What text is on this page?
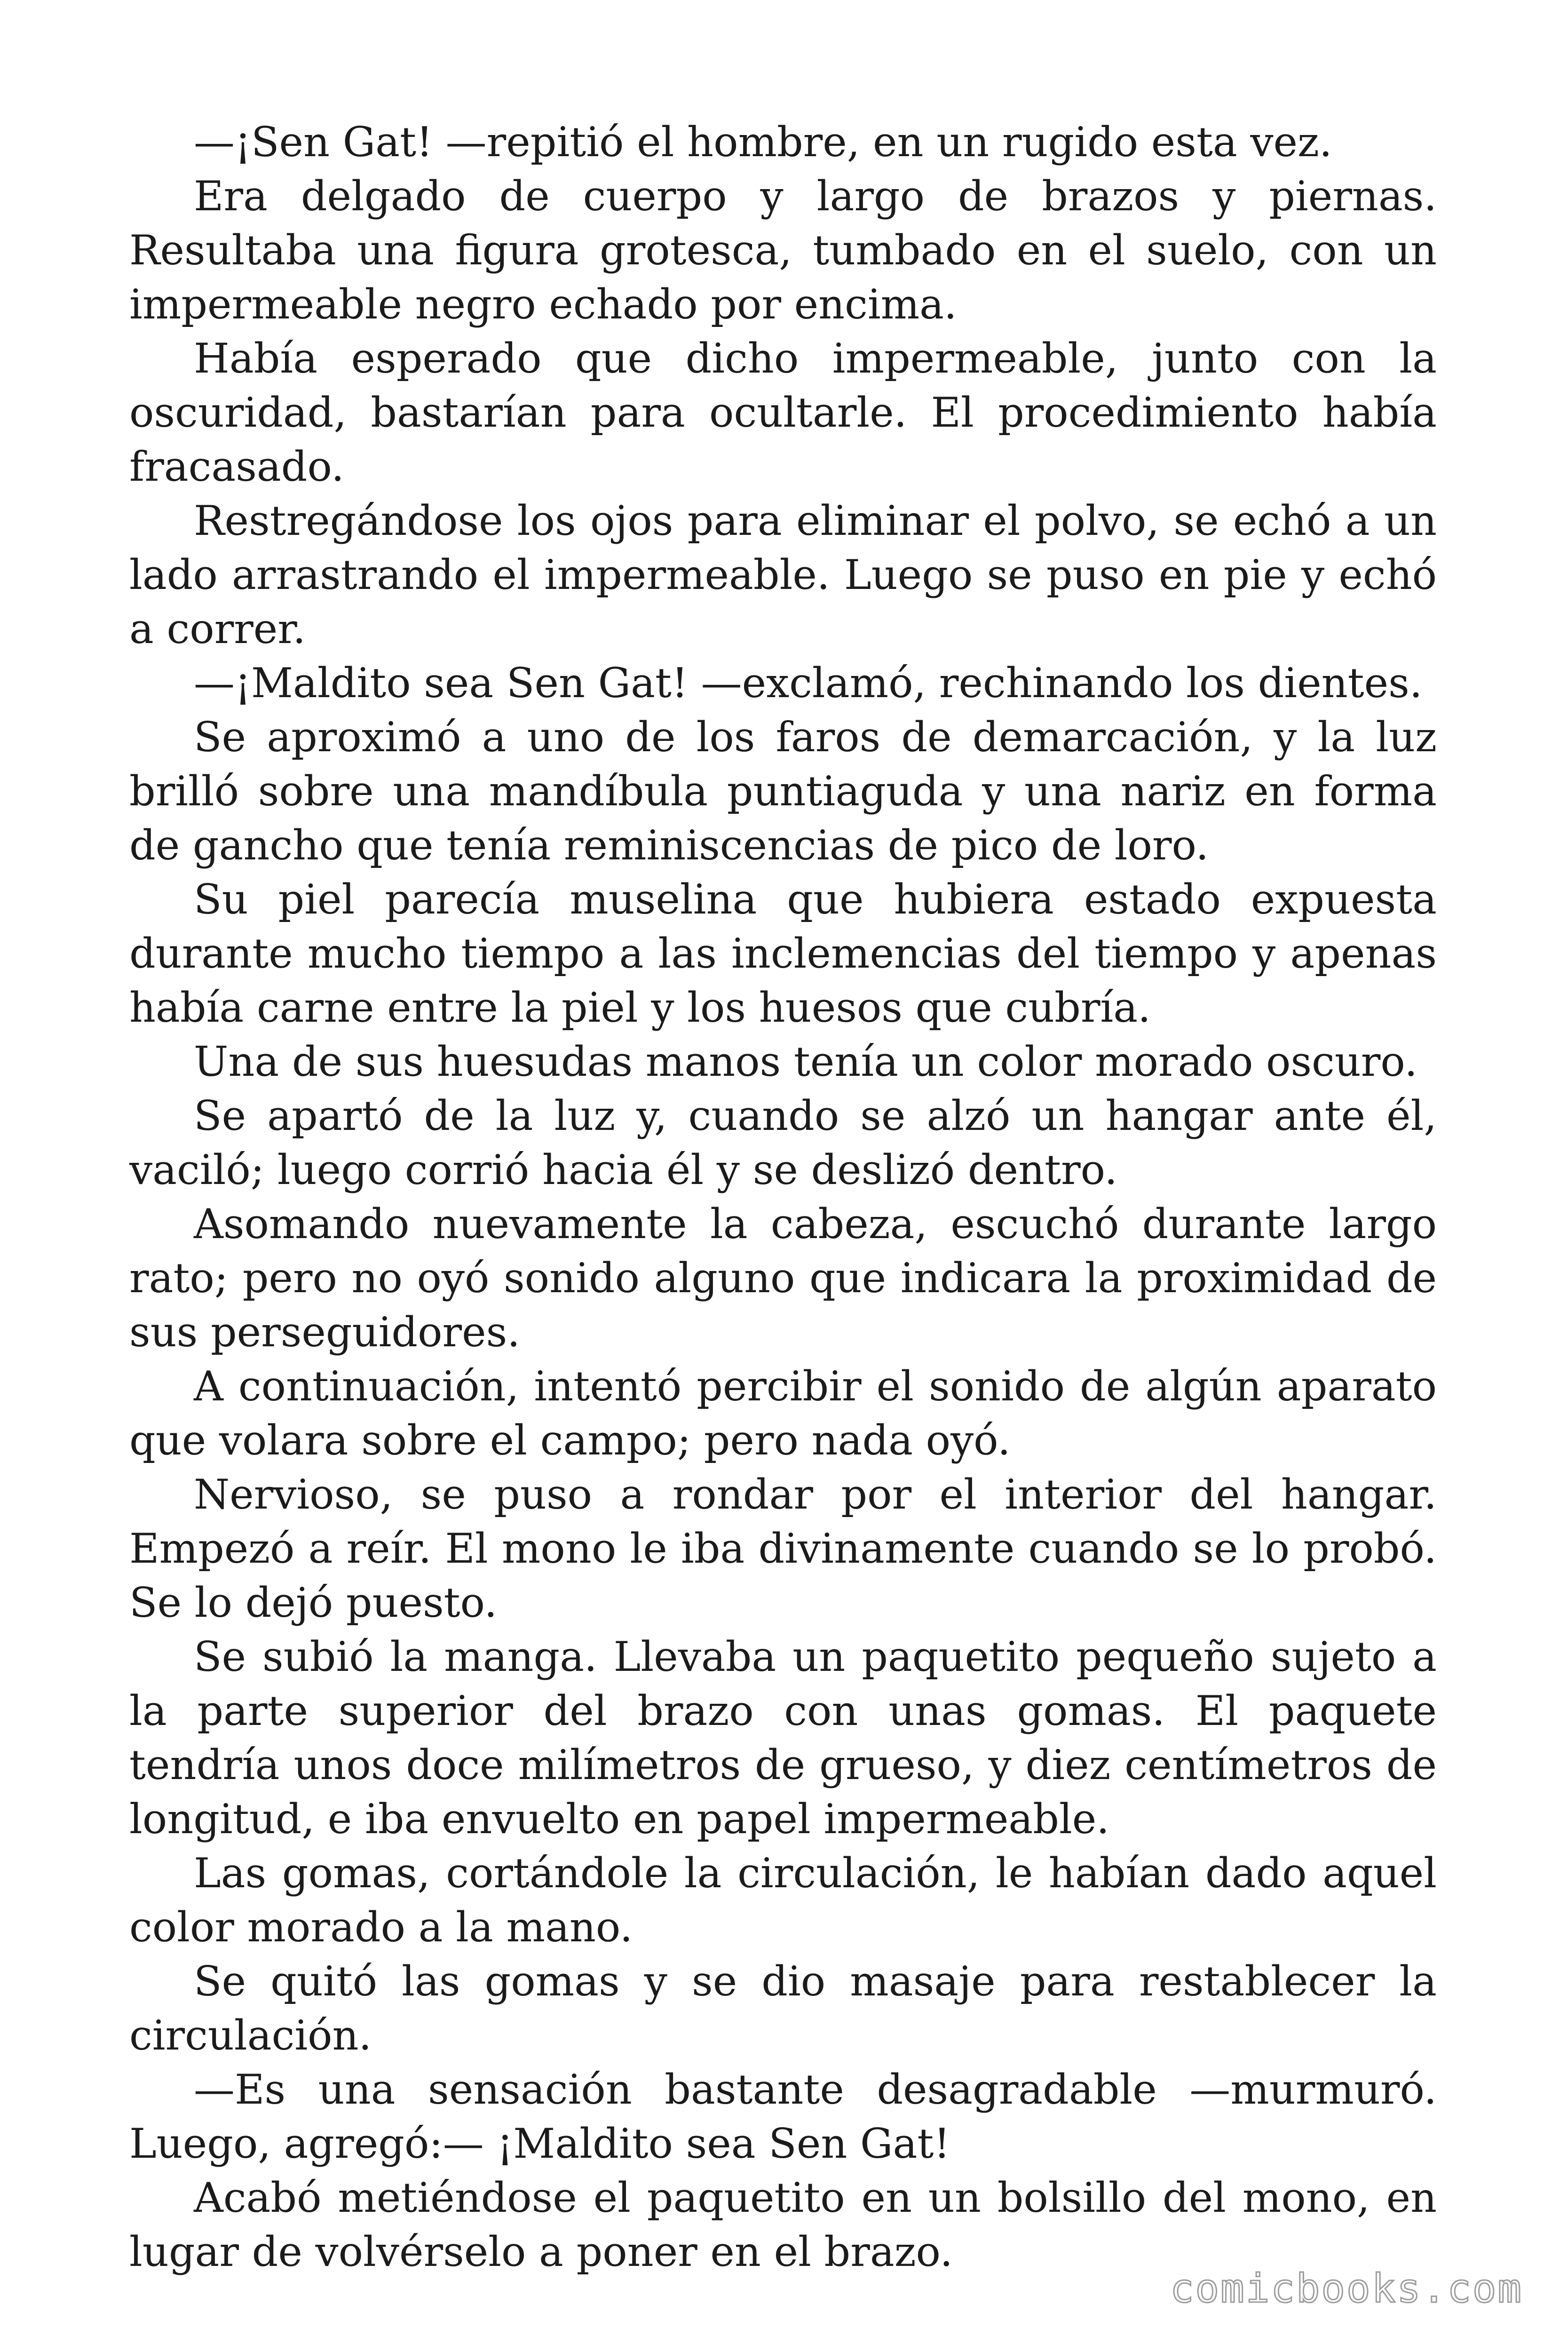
—¡Sen Gat! —repitió el hombre, en un rugido esta vez.

Era delgado de cuerpo y largo de brazos y piernas. Resultaba una figura grotesca, tumbado en el suelo, con un impermeable negro echado por encima.

Había esperado que dicho impermeable, junto con la oscuridad, bastarían para ocultarle. El procedimiento había fracasado.

Restregándose los ojos para eliminar el polvo, se echó a un lado arrastrando el impermeable. Luego se puso en pie y echó a correr.

—¡Maldito sea Sen Gat! —exclamó, rechinando los dientes.

Se aproximó a uno de los faros de demarcación, y la luz brilló sobre una mandíbula puntiaguda y una nariz en forma de gancho que tenía reminiscencias de pico de loro.

Su piel parecía muselina que hubiera estado expuesta durante mucho tiempo a las inclemencias del tiempo y apenas había carne entre la piel y los huesos que cubría.

Una de sus huesudas manos tenía un color morado oscuro.

Se apartó de la luz y, cuando se alzó un hangar ante él, vaciló; luego corrió hacia él y se deslizó dentro.

Asomando nuevamente la cabeza, escuchó durante largo rato; pero no oyó sonido alguno que indicara la proximidad de sus perseguidores.

A continuación, intentó percibir el sonido de algún aparato que volara sobre el campo; pero nada oyó.

Nervioso, se puso a rondar por el interior del hangar. Empezó a reír. El mono le iba divinamente cuando se lo probó. Se lo dejó puesto.

Se subió la manga. Llevaba un paquetito pequeño sujeto a la parte superior del brazo con unas gomas. El paquete tendría unos doce milímetros de grueso, y diez centímetros de longitud, e iba envuelto en papel impermeable.

Las gomas, cortándole la circulación, le habían dado aquel color morado a la mano.

Se quitó las gomas y se dio masaje para restablecer la circulación.

—Es una sensación bastante desagradable —murmuró. Luego, agregó:— ¡Maldito sea Sen Gat!

Acabó metiéndose el paquetito en un bolsillo del mono, en lugar de volvérselo a poner en el brazo.

comicbooks.com
